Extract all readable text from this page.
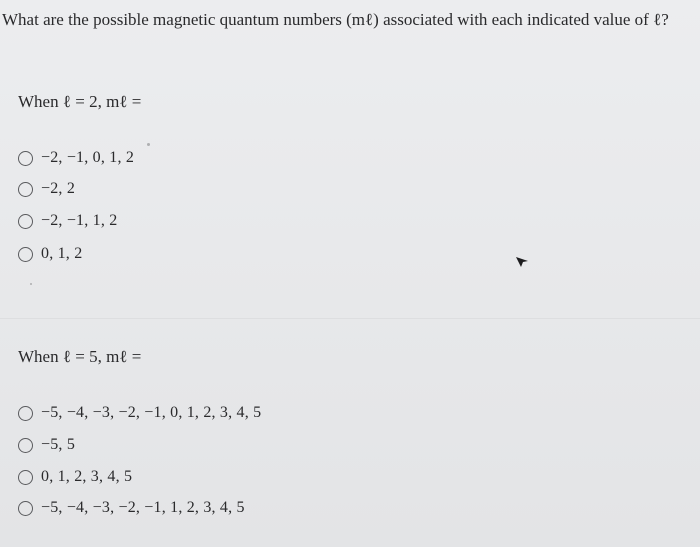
What are the possible magnetic quantum numbers (mℓ) associated with each indicated value of ℓ?
When ℓ = 2, mℓ =
−2, −1, 0, 1, 2
−2, 2
−2, −1, 1, 2
0, 1, 2
When ℓ = 5, mℓ =
−5, −4, −3, −2, −1, 0, 1, 2, 3, 4, 5
−5, 5
0, 1, 2, 3, 4, 5
−5, −4, −3, −2, −1, 1, 2, 3, 4, 5
